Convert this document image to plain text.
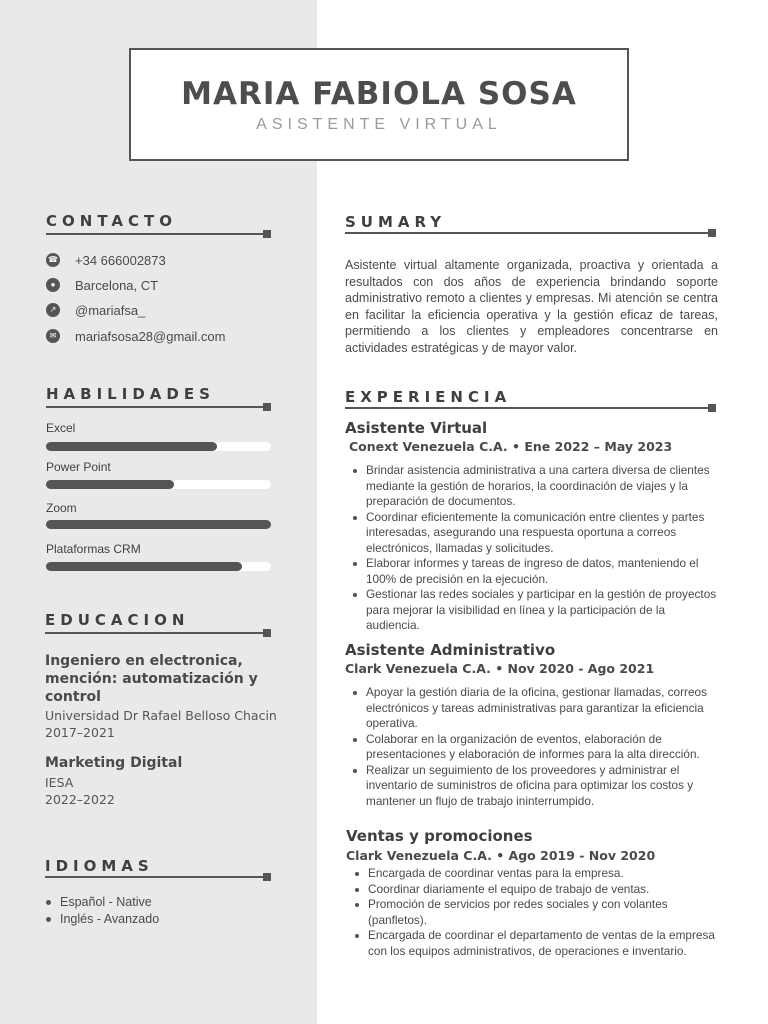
MARIA FABIOLA SOSA
ASISTENTE VIRTUAL
CONTACTO
☎ +34 666002873
●	Barcelona, CT
↗ @mariafsa_
✉ mariafsosa28@gmail.com
HABILIDADES
Excel
Power Point
Zoom
Plataformas CRM
EDUCACION
Ingeniero en electronica, mención: automatización y control
Universidad Dr Rafael Belloso Chacin
2017–2021
Marketing Digital
IESA
2022–2022
IDIOMAS
Español - Native
Inglés - Avanzado
SUMARY

Asistente virtual altamente organizada, proactiva y orientada a resultados con dos años de experiencia brindando soporte administrativo remoto a clientes y empresas. Mi atención se centra en facilitar la eficiencia operativa y la gestión eficaz de tareas, permitiendo a los clientes y empleadores concentrarse en actividades estratégicas y de mayor valor.

EXPERIENCIA
Asistente Virtual
Conext Venezuela C.A. • Ene 2022 – May 2023
Brindar asistencia administrativa a una cartera diversa de clientes mediante la gestión de horarios, la coordinación de viajes y la preparación de documentos.
Coordinar eficientemente la comunicación entre clientes y partes interesadas, asegurando una respuesta oportuna a correos electrónicos, llamadas y solicitudes.
Elaborar informes y tareas de ingreso de datos, manteniendo el 100% de precisión en la ejecución.
Gestionar las redes sociales y participar en la gestión de proyectos para mejorar la visibilidad en línea y la participación de la audiencia.
Asistente Administrativo
Clark Venezuela C.A. • Nov 2020 - Ago 2021
Apoyar la gestión diaria de la oficina, gestionar llamadas, correos electrónicos y tareas administrativas para garantizar la eficiencia operativa.
Colaborar en la organización de eventos, elaboración de presentaciones y elaboración de informes para la alta dirección.
Realizar un seguimiento de los proveedores y administrar el inventario de suministros de oficina para optimizar los costos y mantener un flujo de trabajo ininterrumpido.
Ventas y promociones
Clark Venezuela C.A. • Ago 2019 - Nov 2020
Encargada de coordinar ventas para la empresa.
Coordinar diariamente el equipo de trabajo de ventas.
Promoción de servicios por redes sociales y con volantes (panfletos).
Encargada de coordinar el departamento de ventas de la empresa con los equipos administrativos, de operaciones e inventario.
